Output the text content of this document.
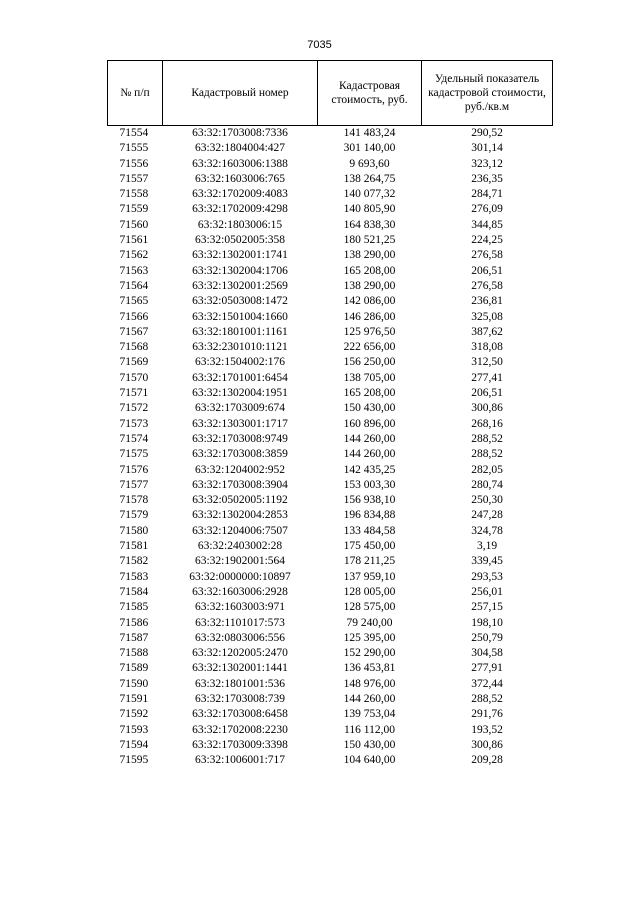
7035
№ п/п	Кадастровый номер	Кадастровая стоимость, руб.	Удельный показатель кадастровой стоимости, руб./кв.м
71554	63:32:1703008:7336	141 483,24	290,52
71555	63:32:1804004:427	301 140,00	301,14
71556	63:32:1603006:1388	9 693,60	323,12
71557	63:32:1603006:765	138 264,75	236,35
71558	63:32:1702009:4083	140 077,32	284,71
71559	63:32:1702009:4298	140 805,90	276,09
71560	63:32:1803006:15	164 838,30	344,85
71561	63:32:0502005:358	180 521,25	224,25
71562	63:32:1302001:1741	138 290,00	276,58
71563	63:32:1302004:1706	165 208,00	206,51
71564	63:32:1302001:2569	138 290,00	276,58
71565	63:32:0503008:1472	142 086,00	236,81
71566	63:32:1501004:1660	146 286,00	325,08
71567	63:32:1801001:1161	125 976,50	387,62
71568	63:32:2301010:1121	222 656,00	318,08
71569	63:32:1504002:176	156 250,00	312,50
71570	63:32:1701001:6454	138 705,00	277,41
71571	63:32:1302004:1951	165 208,00	206,51
71572	63:32:1703009:674	150 430,00	300,86
71573	63:32:1303001:1717	160 896,00	268,16
71574	63:32:1703008:9749	144 260,00	288,52
71575	63:32:1703008:3859	144 260,00	288,52
71576	63:32:1204002:952	142 435,25	282,05
71577	63:32:1703008:3904	153 003,30	280,74
71578	63:32:0502005:1192	156 938,10	250,30
71579	63:32:1302004:2853	196 834,88	247,28
71580	63:32:1204006:7507	133 484,58	324,78
71581	63:32:2403002:28	175 450,00	3,19
71582	63:32:1902001:564	178 211,25	339,45
71583	63:32:0000000:10897	137 959,10	293,53
71584	63:32:1603006:2928	128 005,00	256,01
71585	63:32:1603003:971	128 575,00	257,15
71586	63:32:1101017:573	79 240,00	198,10
71587	63:32:0803006:556	125 395,00	250,79
71588	63:32:1202005:2470	152 290,00	304,58
71589	63:32:1302001:1441	136 453,81	277,91
71590	63:32:1801001:536	148 976,00	372,44
71591	63:32:1703008:739	144 260,00	288,52
71592	63:32:1703008:6458	139 753,04	291,76
71593	63:32:1702008:2230	116 112,00	193,52
71594	63:32:1703009:3398	150 430,00	300,86
71595	63:32:1006001:717	104 640,00	209,28
